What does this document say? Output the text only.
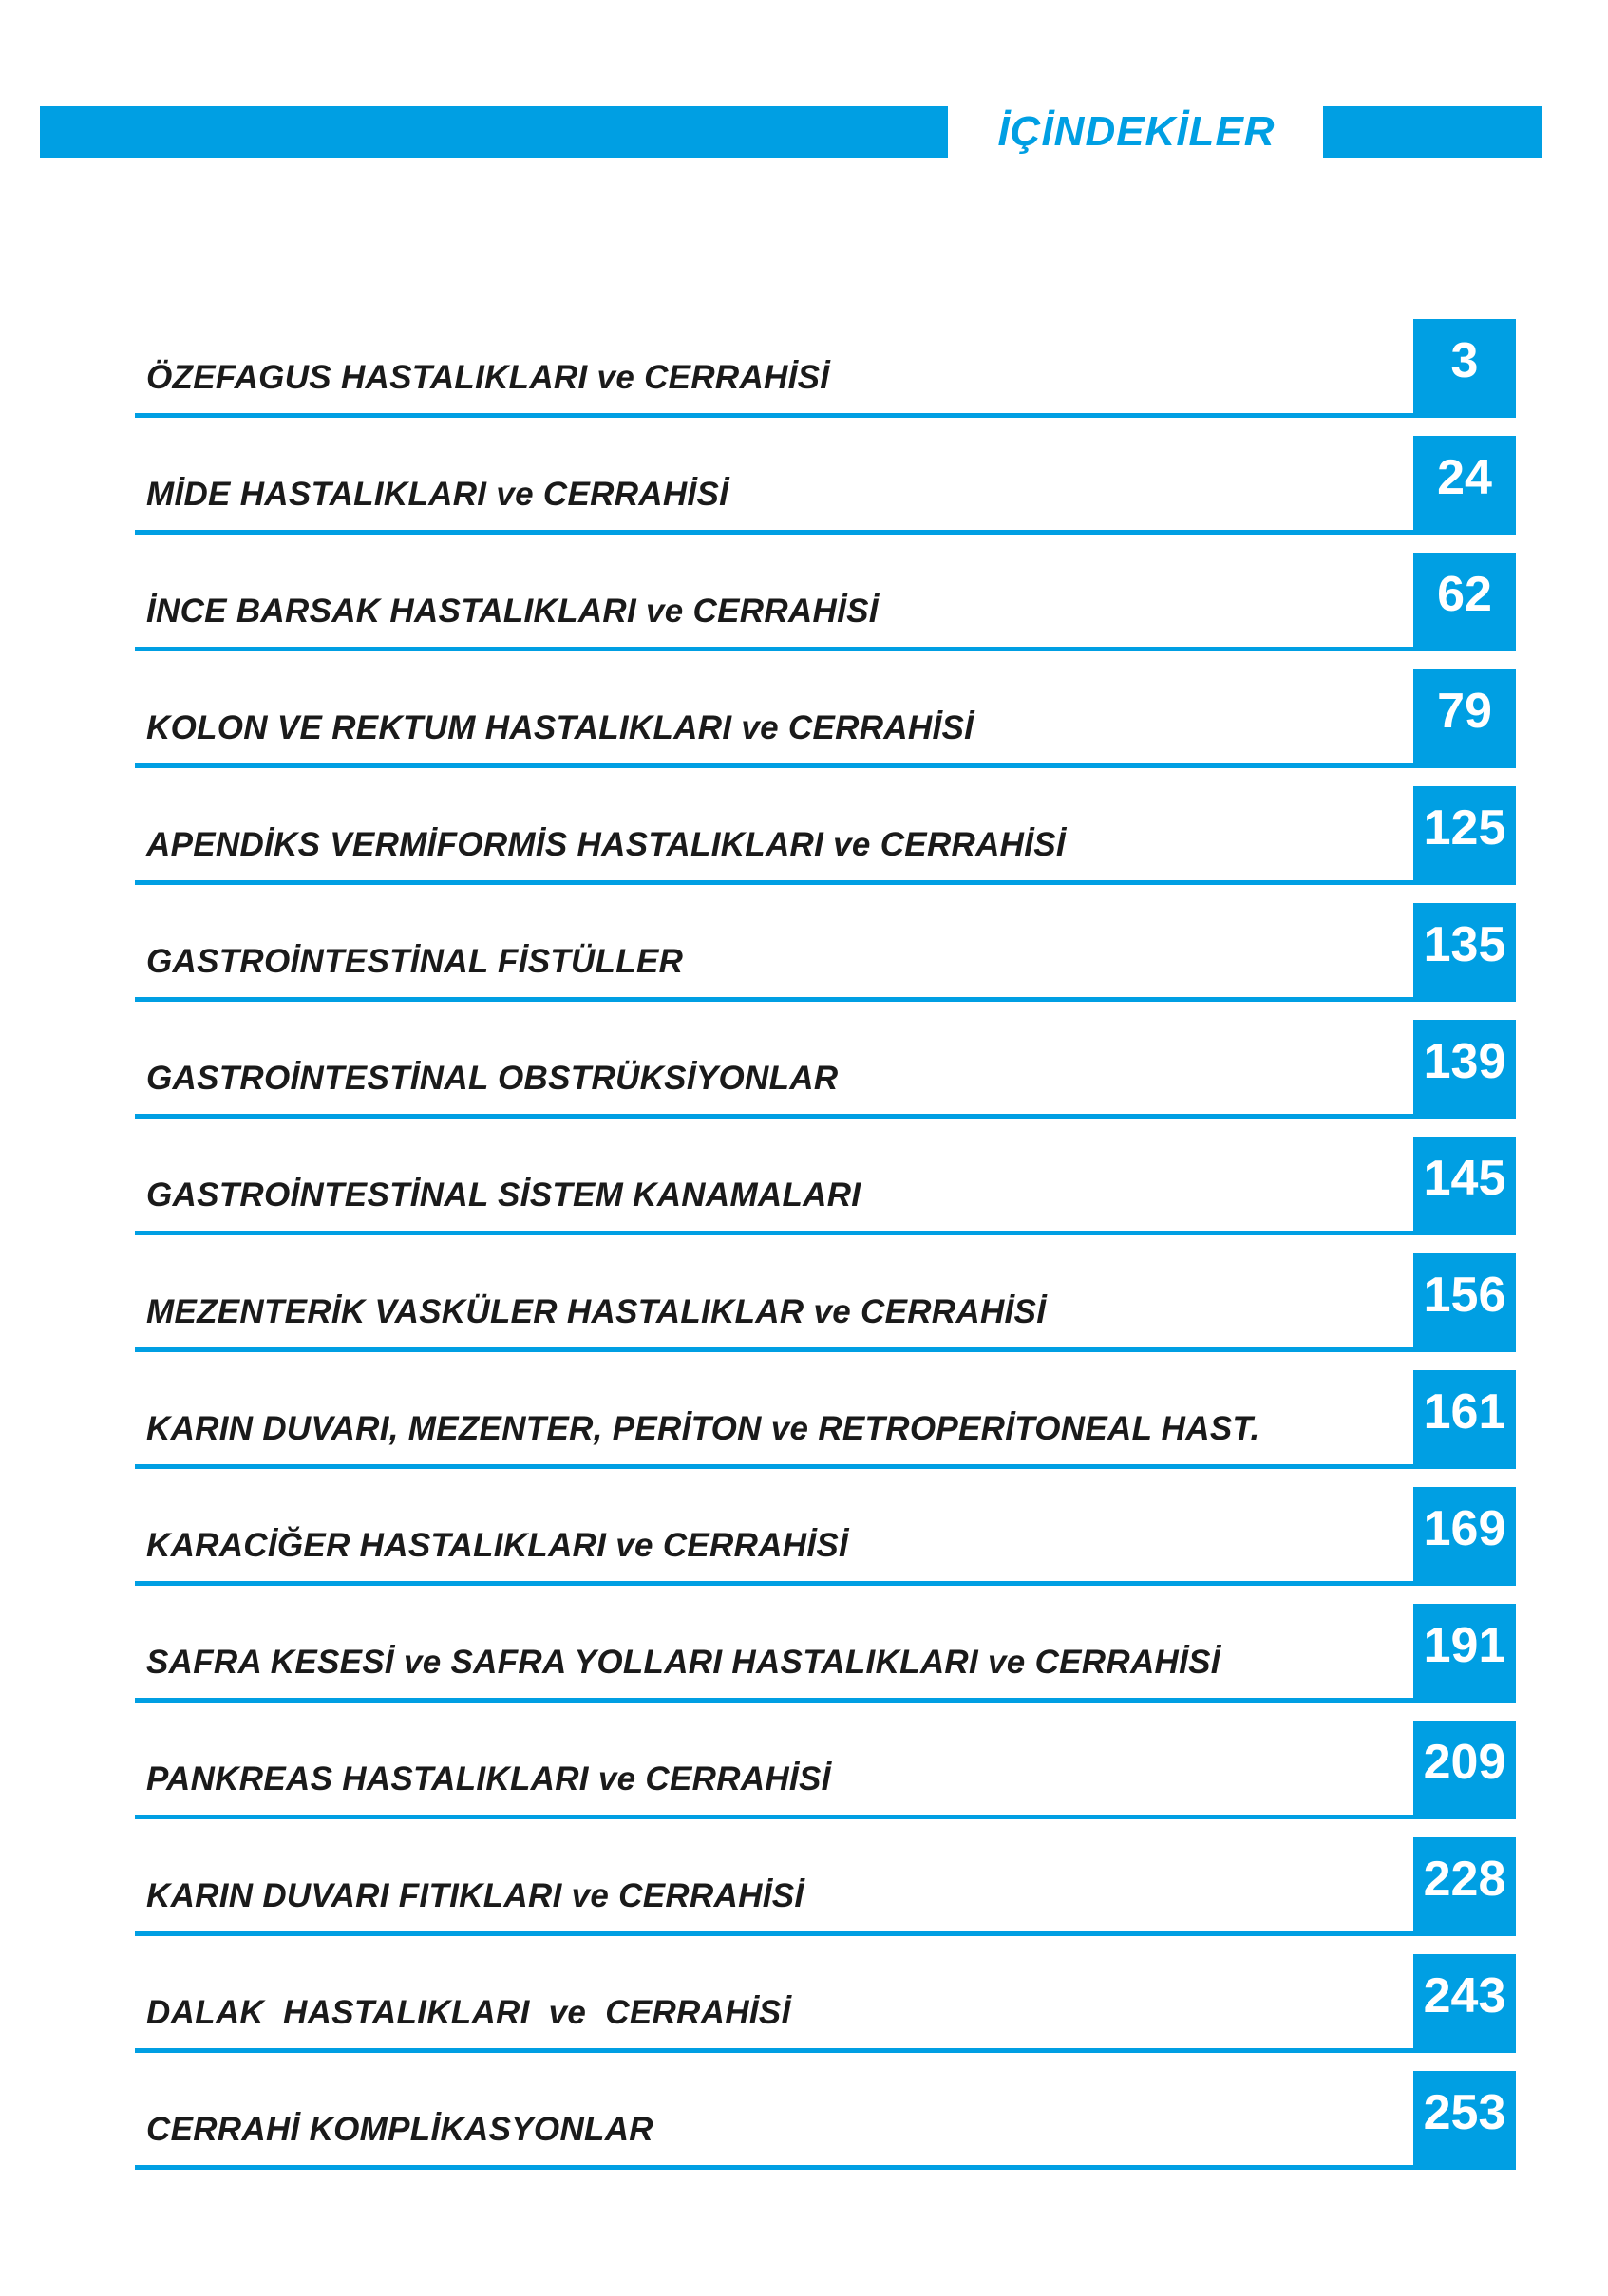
İÇİNDEKİLER
ÖZEFAGUS HASTALIKLARI ve CERRAHİSİ	3
MİDE HASTALIKLARI ve CERRAHİSİ	24
İNCE BARSAK HASTALIKLARI ve CERRAHİSİ	62
KOLON VE REKTUM HASTALIKLARI ve CERRAHİSİ	79
APENDİKS VERMİFORMİS HASTALIKLARI ve CERRAHİSİ	125
GASTROİNTESTİNAL FİSTÜLLER	135
GASTROİNTESTİNAL OBSTRÜKSİYONLAR	139
GASTROİNTESTİNAL SİSTEM KANAMALARI	145
MEZENTERİK VASKÜLER HASTALIKLAR ve CERRAHİSİ	156
KARIN DUVARI, MEZENTER, PERİTON ve RETROPERİTONEAL HAST.	161
KARACİĞER HASTALIKLARI ve CERRAHİSİ	169
SAFRA KESESİ ve SAFRA YOLLARI HASTALIKLARI ve CERRAHİSİ	191
PANKREAS HASTALIKLARI ve CERRAHİSİ	209
KARIN DUVARI FITIKLARI ve CERRAHİSİ	228
DALAK  HASTALIKLARI  ve  CERRAHİSİ	243
CERRAHİ KOMPLİKASYONLAR	253
